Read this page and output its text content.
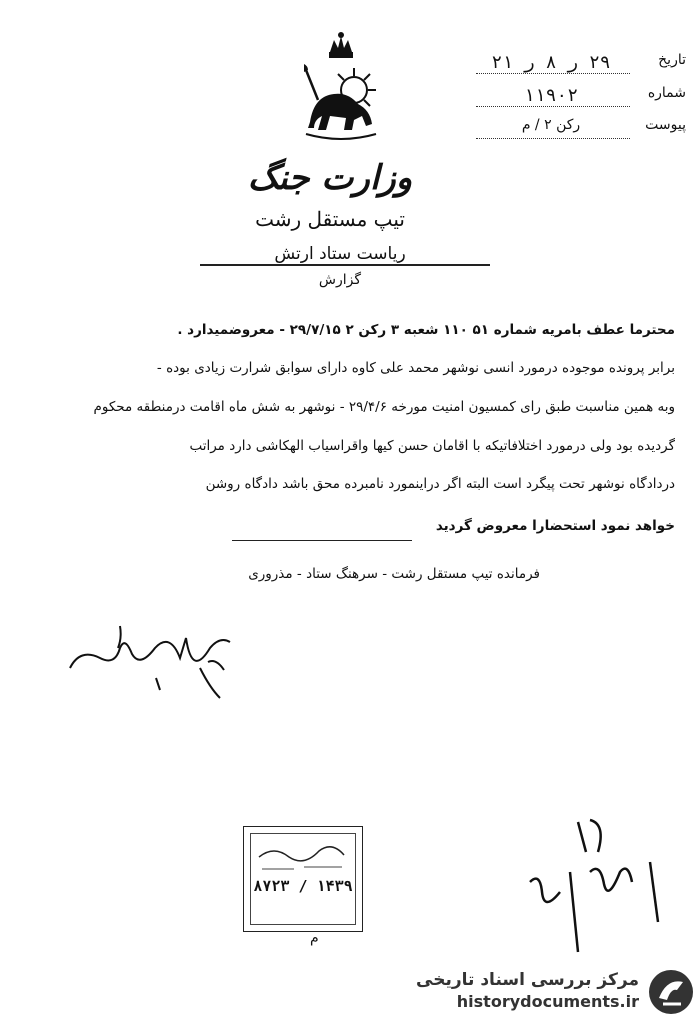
تاریخ
۲۹ ر ۸ ر ۲۱
شماره
۱۱۹۰۲
پیوست
رکن ۲ / م
وزارت جنگ
تیپ مستقل رشت
ریاست ستاد ارتش
گزارش
محترما عطف بامریه شماره ۵۱ ۱۱۰ شعبه ۳ رکن ۲ ۲۹/۷/۱۵ - معروضمیدارد .
برابر پرونده موجوده درمورد انسی نوشهر محمد علی کاوه دارای سوابق شرارت زیادی بوده -
وبه همین مناسبت طبق رای کمسیون امنیت مورخه ۲۹/۴/۶ - نوشهر به شش ماه اقامت درمنطقه محکوم
گردیده بود ولی درمورد اختلافاتیکه با اقامان حسن کیها واقراسیاب الهکاشی دارد مراتب
دردادگاه نوشهر تحت پیگرد است البته اگر دراینمورد نامبرده محق باشد دادگاه روشن
خواهد نمود استحضارا معروض گردید
فرمانده تیپ مستقل رشت - سرهنگ ستاد - مذروری
۱۴۳۹ / ۸۷۲۳
م
مرکز بررسی اسناد تاریخی
historydocuments.ir
